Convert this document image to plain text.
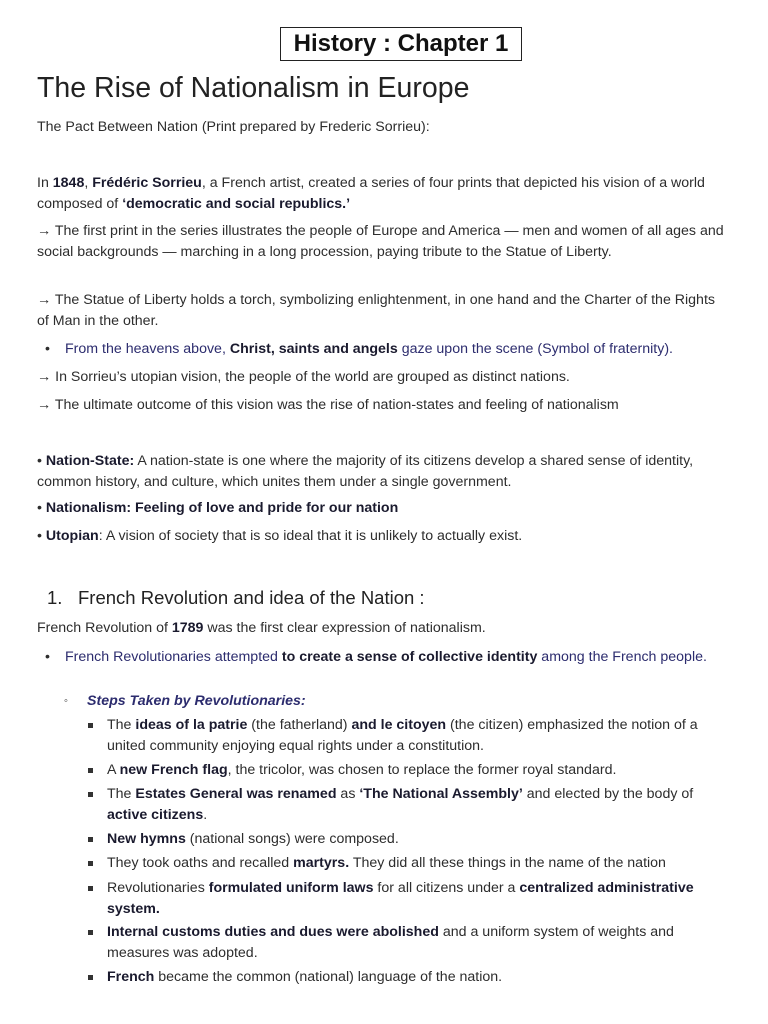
History : Chapter 1
The Rise of Nationalism in Europe

The Pact Between Nation (Print prepared by Frederic Sorrieu):

In 1848, Frédéric Sorrieu, a French artist, created a series of four prints that depicted his vision of a world composed of ‘democratic and social republics.’

→ The first print in the series illustrates the people of Europe and America — men and women of all ages and social backgrounds — marching in a long procession, paying tribute to the Statue of Liberty.

→ The Statue of Liberty holds a torch, symbolizing enlightenment, in one hand and the Charter of the Rights of Man in the other.

• From the heavens above, Christ, saints and angels gaze upon the scene (Symbol of fraternity).

→ In Sorrieu’s utopian vision, the people of the world are grouped as distinct nations.

→ The ultimate outcome of this vision was the rise of nation-states and feeling of nationalism

• Nation-State: A nation-state is one where the majority of its citizens develop a shared sense of identity, common history, and culture, which unites them under a single government.

• Nationalism: Feeling of love and pride for our nation

• Utopian: A vision of society that is so ideal that it is unlikely to actually exist.

1. French Revolution and idea of the Nation :

French Revolution of 1789 was the first clear expression of nationalism.

• French Revolutionaries attempted to create a sense of collective identity among the French people.
◦ Steps Taken by Revolutionaries:
The ideas of la patrie (the fatherland) and le citoyen (the citizen) emphasized the notion of a united community enjoying equal rights under a constitution.
A new French flag, the tricolor, was chosen to replace the former royal standard.
The Estates General was renamed as ‘The National Assembly’ and elected by the body of active citizens.
New hymns (national songs) were composed.
They took oaths and recalled martyrs. They did all these things in the name of the nation
Revolutionaries formulated uniform laws for all citizens under a centralized administrative system.
Internal customs duties and dues were abolished and a uniform system of weights and measures was adopted.
French became the common (national) language of the nation.
